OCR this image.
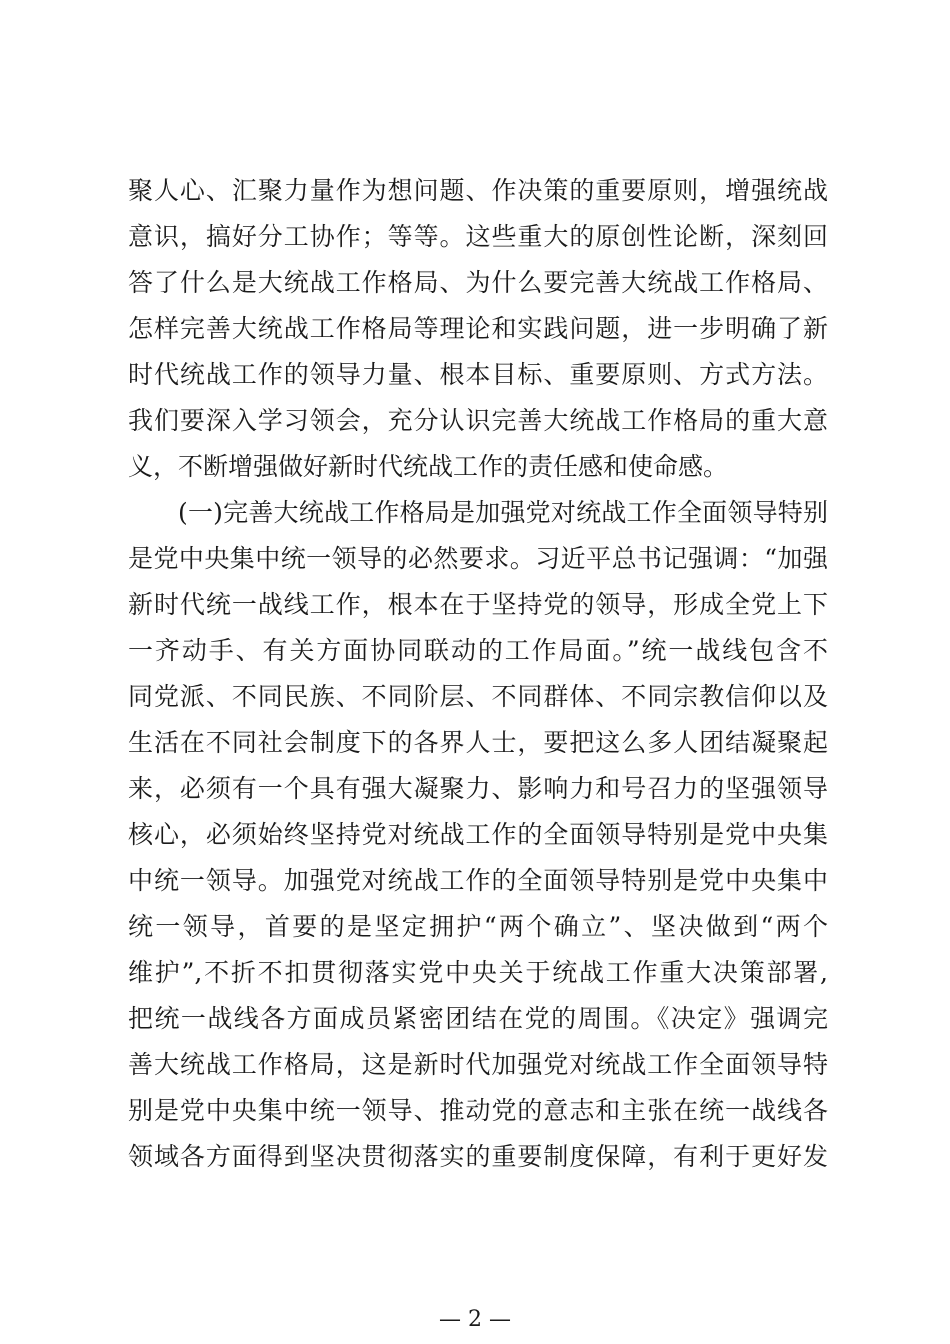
聚人心、汇聚力量作为想问题、作决策的重要原则，增强统战
意识，搞好分工协作；等等。这些重大的原创性论断，深刻回
答了什么是大统战工作格局、为什么要完善大统战工作格局、
怎样完善大统战工作格局等理论和实践问题，进一步明确了新
时代统战工作的领导力量、根本目标、重要原则、方式方法。
我们要深入学习领会，充分认识完善大统战工作格局的重大意
义，不断增强做好新时代统战工作的责任感和使命感。
(一)完善大统战工作格局是加强党对统战工作全面领导特别
是党中央集中统一领导的必然要求。习近平总书记强调：“加强
新时代统一战线工作，根本在于坚持党的领导，形成全党上下
一齐动手、有关方面协同联动的工作局面。”统一战线包含不
同党派、不同民族、不同阶层、不同群体、不同宗教信仰以及
生活在不同社会制度下的各界人士，要把这么多人团结凝聚起
来，必须有一个具有强大凝聚力、影响力和号召力的坚强领导
核心，必须始终坚持党对统战工作的全面领导特别是党中央集
中统一领导。加强党对统战工作的全面领导特别是党中央集中
统一领导，首要的是坚定拥护“两个确立”、坚决做到“两个
维护”,不折不扣贯彻落实党中央关于统战工作重大决策部署,
把统一战线各方面成员紧密团结在党的周围。《决定》强调完
善大统战工作格局，这是新时代加强党对统战工作全面领导特
别是党中央集中统一领导、推动党的意志和主张在统一战线各
领域各方面得到坚决贯彻落实的重要制度保障，有利于更好发
— 2 —
